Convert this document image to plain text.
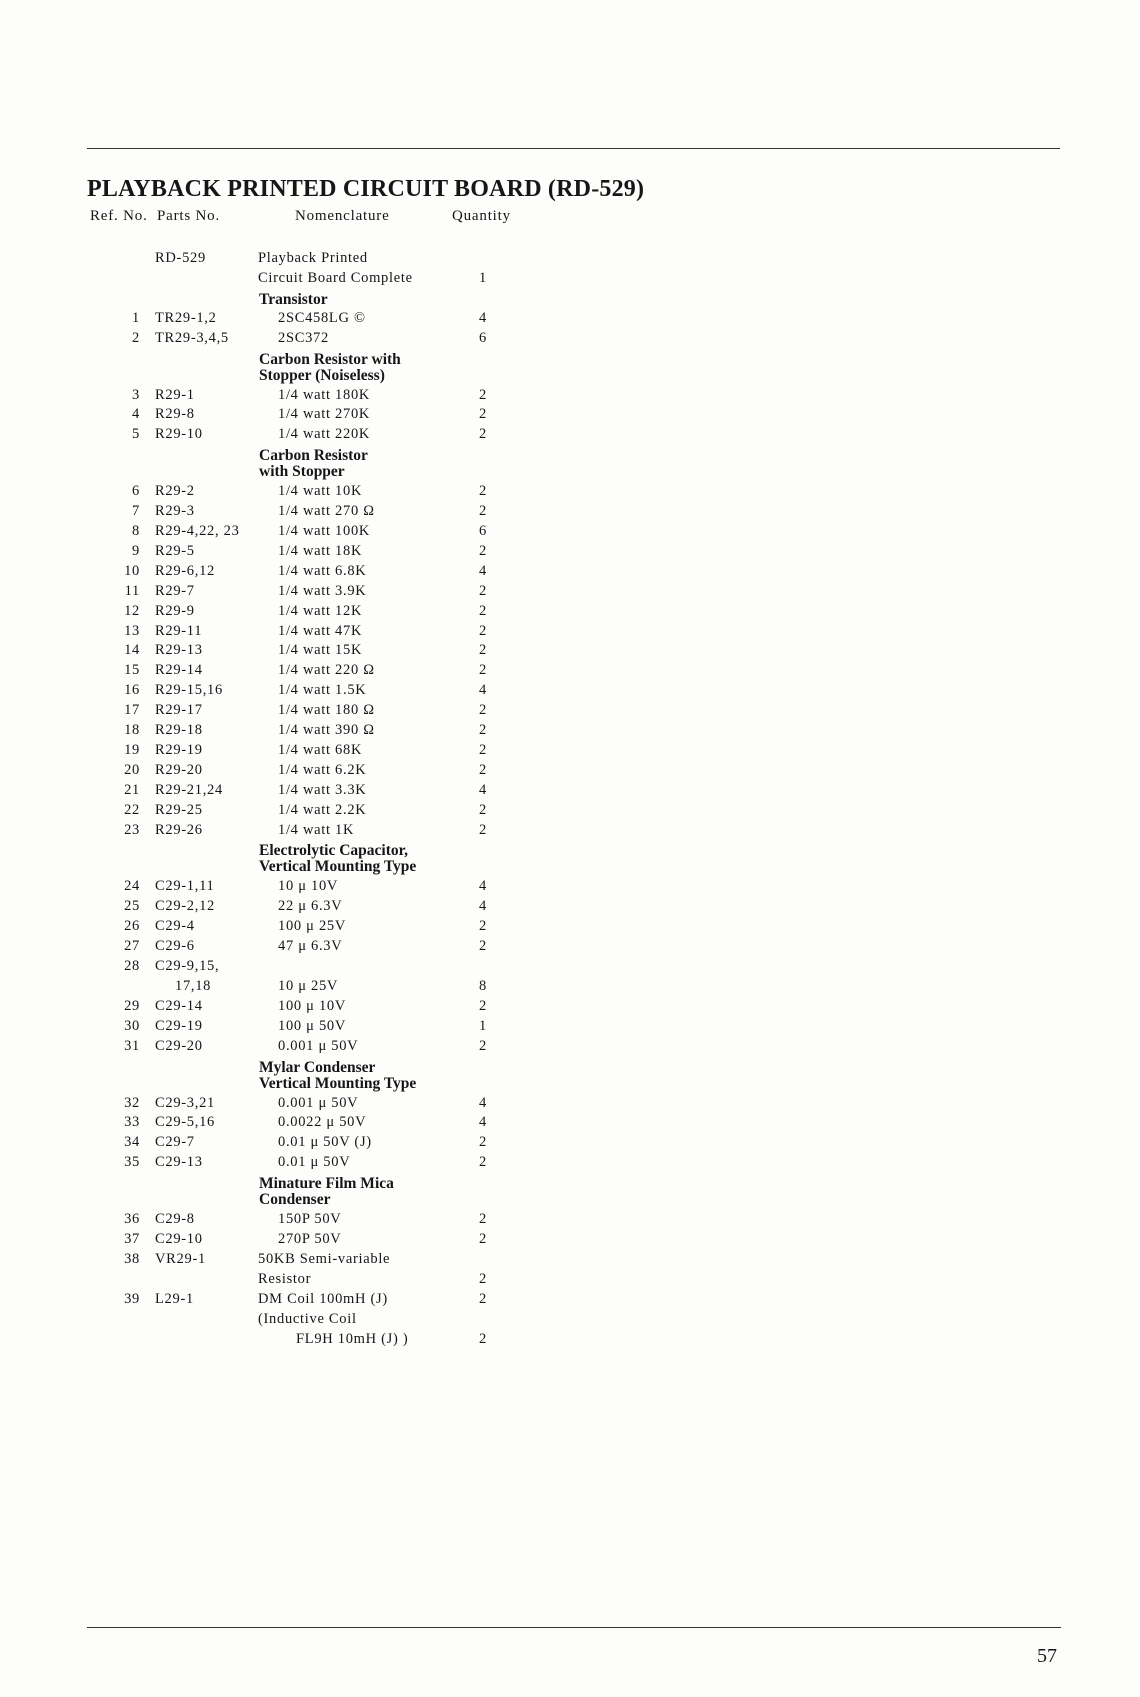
PLAYBACK PRINTED CIRCUIT BOARD (RD-529)
Ref. No. Parts No.	Nomenclature	Quantity
RD-529	Playback Printed
Circuit Board Complete	1
Transistor
1 TR29-1,2	2SC458LG ©	4
2 TR29-3,4,5	2SC372	6
Carbon Resistor with
Stopper (Noiseless)
3 R29-1	1/4 watt 180K	2
4 R29-8	1/4 watt 270K	2
5 R29-10	1/4 watt 220K	2
Carbon Resistor
with Stopper
6 R29-2	1/4 watt 10K	2
7 R29-3	1/4 watt 270 Ω	2
8 R29-4,22, 23	1/4 watt 100K	6
9 R29-5	1/4 watt 18K	2
10 R29-6,12	1/4 watt 6.8K	4
11 R29-7	1/4 watt 3.9K	2
12 R29-9	1/4 watt 12K	2
13 R29-11	1/4 watt 47K	2
14 R29-13	1/4 watt 15K	2
15 R29-14	1/4 watt 220 Ω	2
16 R29-15,16	1/4 watt 1.5K	4
17 R29-17	1/4 watt 180 Ω	2
18 R29-18	1/4 watt 390 Ω	2
19 R29-19	1/4 watt 68K	2
20 R29-20	1/4 watt 6.2K	2
21 R29-21,24	1/4 watt 3.3K	4
22 R29-25	1/4 watt 2.2K	2
23 R29-26	1/4 watt 1K	2
Electrolytic Capacitor,
Vertical Mounting Type
24 C29-1,11	10 μ 10V	4
25 C29-2,12	22 μ 6.3V	4
26 C29-4	100 μ 25V	2
27 C29-6	47 μ 6.3V	2
28 C29-9,15,
17,18	10 μ 25V	8
29 C29-14	100 μ 10V	2
30 C29-19	100 μ 50V	1
31 C29-20	0.001 μ 50V	2
Mylar Condenser
Vertical Mounting Type
32 C29-3,21	0.001 μ 50V	4
33 C29-5,16	0.0022 μ 50V	4
34 C29-7	0.01 μ 50V (J)	2
35 C29-13	0.01 μ 50V	2
Minature Film Mica
Condenser
36 C29-8	150P 50V	2
37 C29-10	270P 50V	2
38 VR29-1	50KB Semi-variable
Resistor	2
39 L29-1	DM Coil 100mH (J)	2
(Inductive Coil
FL9H 10mH (J) )	2
57
